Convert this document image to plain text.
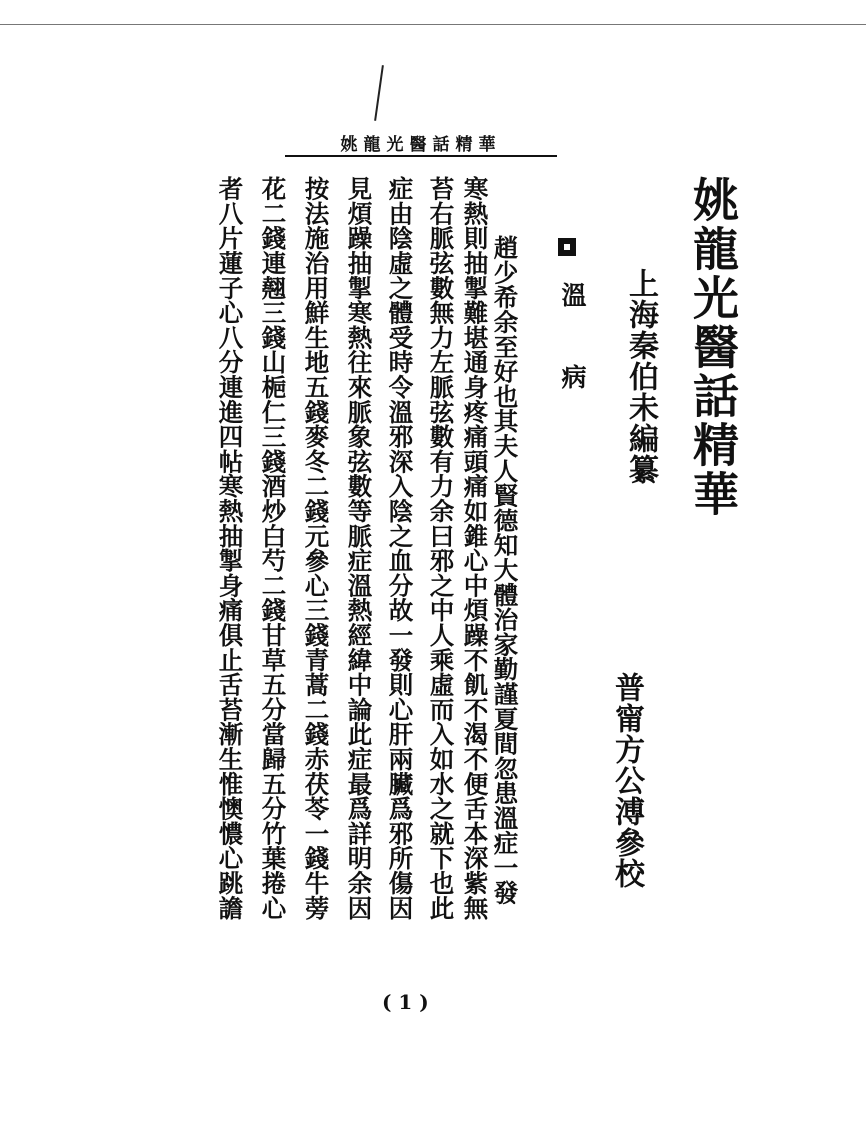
姚龍光醫話精華
姚龍光醫話精華
上海秦伯未編纂
普甯方公溥參校
溫 病
趙少希余至好也其夫人賢德知大體治家勤謹夏間忽患溫症一發
寒熱則抽掣難堪通身疼痛頭痛如錐心中煩躁不飢不渴不便舌本深紫無
苔右脈弦數無力左脈弦數有力余曰邪之中人乘虛而入如水之就下也此
症由陰虛之體受時令溫邪深入陰之血分故一發則心肝兩臟爲邪所傷因
見煩躁抽掣寒熱往來脈象弦數等脈症溫熱經緯中論此症最爲詳明余因
按法施治用鮮生地五錢麥冬二錢元參心三錢青蒿二錢赤茯苓一錢牛蒡
花二錢連翹三錢山梔仁三錢酒炒白芍二錢甘草五分當歸五分竹葉捲心
者八片蓮子心八分連進四帖寒熱抽掣身痛俱止舌苔漸生惟懊憹心跳譫
( 1 )
